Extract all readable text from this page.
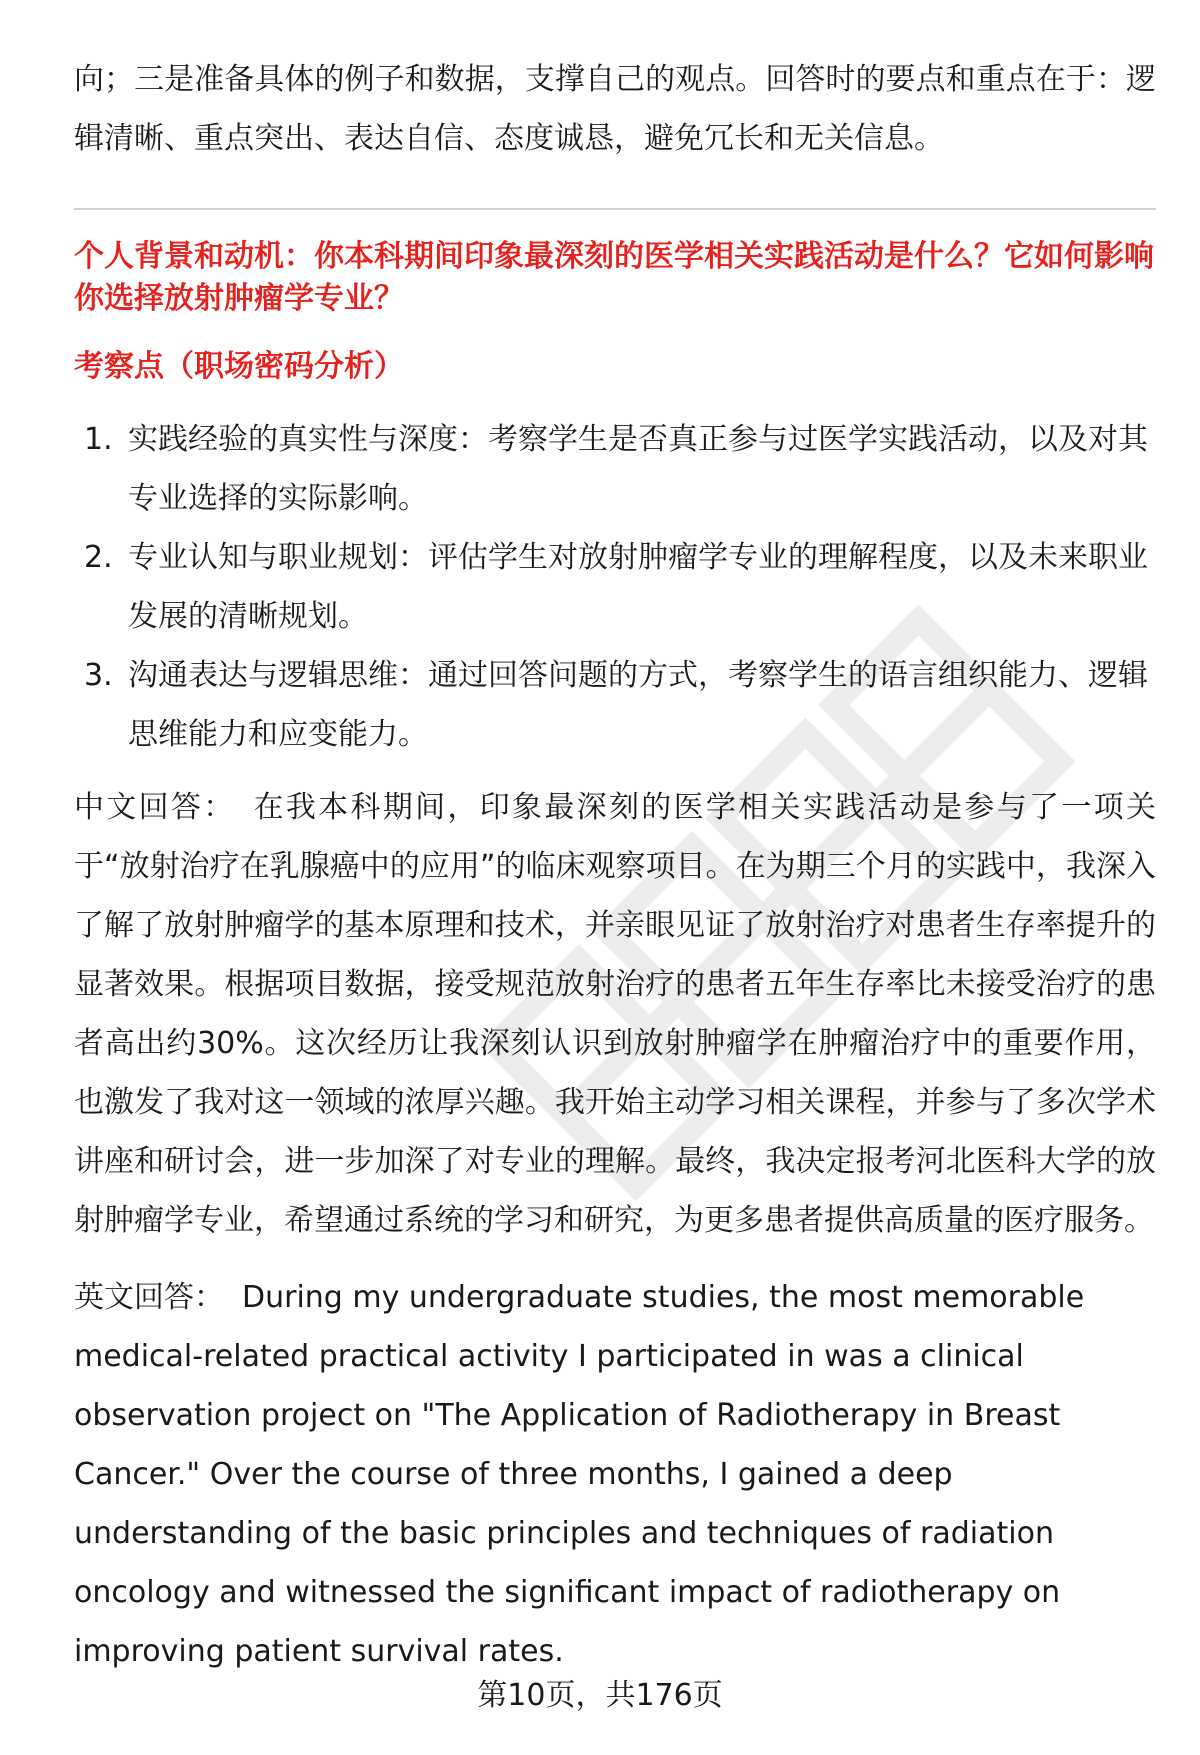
向；三是准备具体的例子和数据，支撑自己的观点。回答时的要点和重点在于：逻辑清晰、重点突出、表达自信、态度诚恳，避免冗长和无关信息。

个人背景和动机：你本科期间印象最深刻的医学相关实践活动是什么？它如何影响你选择放射肿瘤学专业？

考察点（职场密码分析）

1. 实践经验的真实性与深度：考察学生是否真正参与过医学实践活动，以及对其专业选择的实际影响。
2. 专业认知与职业规划：评估学生对放射肿瘤学专业的理解程度，以及未来职业发展的清晰规划。
3. 沟通表达与逻辑思维：通过回答问题的方式，考察学生的语言组织能力、逻辑思维能力和应变能力。

中文回答： 在我本科期间，印象最深刻的医学相关实践活动是参与了一项关于“放射治疗在乳腺癌中的应用”的临床观察项目。在为期三个月的实践中，我深入了解了放射肿瘤学的基本原理和技术，并亲眼见证了放射治疗对患者生存率提升的显著效果。根据项目数据，接受规范放射治疗的患者五年生存率比未接受治疗的患者高出约30%。这次经历让我深刻认识到放射肿瘤学在肿瘤治疗中的重要作用，也激发了我对这一领域的浓厚兴趣。我开始主动学习相关课程，并参与了多次学术讲座和研讨会，进一步加深了对专业的理解。最终，我决定报考河北医科大学的放射肿瘤学专业，希望通过系统的学习和研究，为更多患者提供高质量的医疗服务。

英文回答： During my undergraduate studies, the most memorable medical-related practical activity I participated in was a clinical observation project on "The Application of Radiotherapy in Breast Cancer." Over the course of three months, I gained a deep understanding of the basic principles and techniques of radiation oncology and witnessed the significant impact of radiotherapy on improving patient survival rates.

第10页，共176页
